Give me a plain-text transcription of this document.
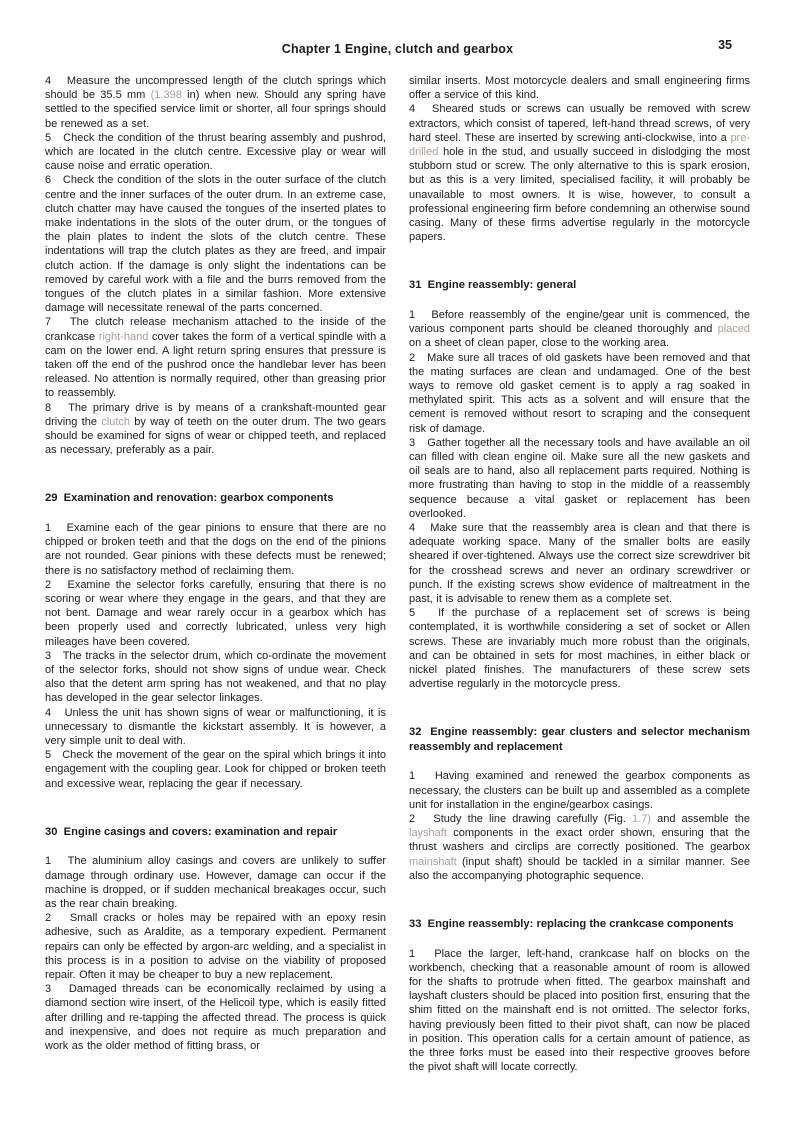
Chapter 1 Engine, clutch and gearbox	35

4   Measure the uncompressed length of the clutch springs which should be 35.5 mm (1.398 in) when new. Should any spring have settled to the specified service limit or shorter, all four springs should be renewed as a set.

5   Check the condition of the thrust bearing assembly and pushrod, which are located in the clutch centre. Excessive play or wear will cause noise and erratic operation.

6   Check the condition of the slots in the outer surface of the clutch centre and the inner surfaces of the outer drum. In an extreme case, clutch chatter may have caused the tongues of the inserted plates to make indentations in the slots of the outer drum, or the tongues of the plain plates to indent the slots of the clutch centre. These indentations will trap the clutch plates as they are freed, and impair clutch action. If the damage is only slight the indentations can be removed by careful work with a file and the burrs removed from the tongues of the clutch plates in a similar fashion. More extensive damage will necessitate renewal of the parts concerned.

7   The clutch release mechanism attached to the inside of the crankcase right-hand cover takes the form of a vertical spindle with a cam on the lower end. A light return spring ensures that pressure is taken off the end of the pushrod once the handlebar lever has been released. No attention is normally required, other than greasing prior to reassembly.

8   The primary drive is by means of a crankshaft-mounted gear driving the clutch by way of teeth on the outer drum. The two gears should be examined for signs of wear or chipped teeth, and replaced as necessary, preferably as a pair.

29  Examination and renovation: gearbox components

1   Examine each of the gear pinions to ensure that there are no chipped or broken teeth and that the dogs on the end of the pinions are not rounded. Gear pinions with these defects must be renewed; there is no satisfactory method of reclaiming them.

2   Examine the selector forks carefully, ensuring that there is no scoring or wear where they engage in the gears, and that they are not bent. Damage and wear rarely occur in a gearbox which has been properly used and correctly lubricated, unless very high mileages have been covered.

3   The tracks in the selector drum, which co-ordinate the movement of the selector forks, should not show signs of undue wear. Check also that the detent arm spring has not weakened, and that no play has developed in the gear selector linkages.

4   Unless the unit has shown signs of wear or malfunctioning, it is unnecessary to dismantle the kickstart assembly. It is however, a very simple unit to deal with.

5   Check the movement of the gear on the spiral which brings it into engagement with the coupling gear. Look for chipped or broken teeth and excessive wear, replacing the gear if necessary.

30  Engine casings and covers: examination and repair

1   The aluminium alloy casings and covers are unlikely to suffer damage through ordinary use. However, damage can occur if the machine is dropped, or if sudden mechanical breakages occur, such as the rear chain breaking.

2   Small cracks or holes may be repaired with an epoxy resin adhesive, such as Araldite, as a temporary expedient. Permanent repairs can only be effected by argon-arc welding, and a specialist in this process is in a position to advise on the viability of proposed repair. Often it may be cheaper to buy a new replacement.

3   Damaged threads can be economically reclaimed by using a diamond section wire insert, of the Helicoil type, which is easily fitted after drilling and re-tapping the affected thread. The process is quick and inexpensive, and does not require as much preparation and work as the older method of fitting brass, or

similar inserts. Most motorcycle dealers and small engineering firms offer a service of this kind.

4   Sheared studs or screws can usually be removed with screw extractors, which consist of tapered, left-hand thread screws, of very hard steel. These are inserted by screwing anti-clockwise, into a pre-drilled hole in the stud, and usually succeed in dislodging the most stubborn stud or screw. The only alternative to this is spark erosion, but as this is a very limited, specialised facility, it will probably be unavailable to most owners. It is wise, however, to consult a professional engineering firm before condemning an otherwise sound casing. Many of these firms advertise regularly in the motorcycle papers.

31  Engine reassembly: general

1   Before reassembly of the engine/gear unit is commenced, the various component parts should be cleaned thoroughly and placed on a sheet of clean paper, close to the working area.

2   Make sure all traces of old gaskets have been removed and that the mating surfaces are clean and undamaged. One of the best ways to remove old gasket cement is to apply a rag soaked in methylated spirit. This acts as a solvent and will ensure that the cement is removed without resort to scraping and the consequent risk of damage.

3   Gather together all the necessary tools and have available an oil can filled with clean engine oil. Make sure all the new gaskets and oil seals are to hand, also all replacement parts required. Nothing is more frustrating than having to stop in the middle of a reassembly sequence because a vital gasket or replacement has been overlooked.

4   Make sure that the reassembly area is clean and that there is adequate working space. Many of the smaller bolts are easily sheared if over-tightened. Always use the correct size screwdriver bit for the crosshead screws and never an ordinary screwdriver or punch. If the existing screws show evidence of maltreatment in the past, it is advisable to renew them as a complete set.

5   If the purchase of a replacement set of screws is being contemplated, it is worthwhile considering a set of socket or Allen screws. These are invariably much more robust than the originals, and can be obtained in sets for most machines, in either black or nickel plated finishes. The manufacturers of these screw sets advertise regularly in the motorcycle press.

32  Engine reassembly: gear clusters and selector mechanism reassembly and replacement

1   Having examined and renewed the gearbox components as necessary, the clusters can be built up and assembled as a complete unit for installation in the engine/gearbox casings.

2   Study the line drawing carefully (Fig. 1.7) and assemble the layshaft components in the exact order shown, ensuring that the thrust washers and circlips are correctly positioned. The gearbox mainshaft (input shaft) should be tackled in a similar manner. See also the accompanying photographic sequence.

33  Engine reassembly: replacing the crankcase components

1   Place the larger, left-hand, crankcase half on blocks on the workbench, checking that a reasonable amount of room is allowed for the shafts to protrude when fitted. The gearbox mainshaft and layshaft clusters should be placed into position first, ensuring that the shim fitted on the mainshaft end is not omitted. The selector forks, having previously been fitted to their pivot shaft, can now be placed in position. This operation calls for a certain amount of patience, as the three forks must be eased into their respective grooves before the pivot shaft will locate correctly.
